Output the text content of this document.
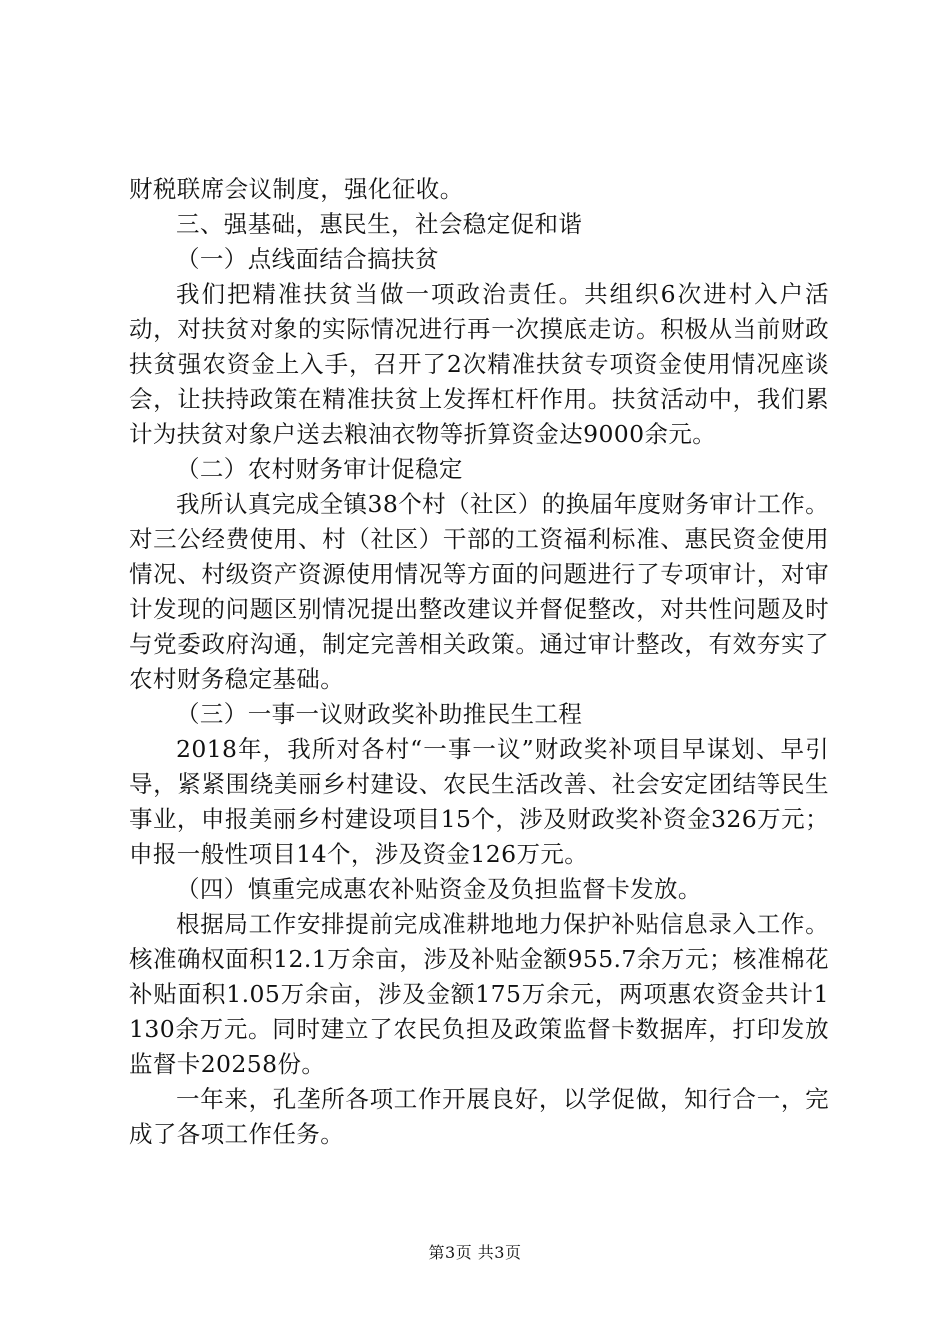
财税联席会议制度，强化征收。

三、强基础，惠民生，社会稳定促和谐

（一）点线面结合搞扶贫

我们把精准扶贫当做一项政治责任。共组织6次进村入户活动，对扶贫对象的实际情况进行再一次摸底走访。积极从当前财政扶贫强农资金上入手，召开了2次精准扶贫专项资金使用情况座谈会，让扶持政策在精准扶贫上发挥杠杆作用。扶贫活动中，我们累计为扶贫对象户送去粮油衣物等折算资金达9000余元。

（二）农村财务审计促稳定

我所认真完成全镇38个村（社区）的换届年度财务审计工作。对三公经费使用、村（社区）干部的工资福利标准、惠民资金使用情况、村级资产资源使用情况等方面的问题进行了专项审计，对审计发现的问题区别情况提出整改建议并督促整改，对共性问题及时与党委政府沟通，制定完善相关政策。通过审计整改，有效夯实了农村财务稳定基础。

（三）一事一议财政奖补助推民生工程

2018年，我所对各村“一事一议”财政奖补项目早谋划、早引导，紧紧围绕美丽乡村建设、农民生活改善、社会安定团结等民生事业，申报美丽乡村建设项目15个，涉及财政奖补资金326万元；申报一般性项目14个，涉及资金126万元。

（四）慎重完成惠农补贴资金及负担监督卡发放。

根据局工作安排提前完成准耕地地力保护补贴信息录入工作。核准确权面积12.1万余亩，涉及补贴金额955.7余万元；核准棉花补贴面积1.05万余亩，涉及金额175万余元，两项惠农资金共计1130余万元。同时建立了农民负担及政策监督卡数据库，打印发放监督卡20258份。

一年来，孔垄所各项工作开展良好，以学促做，知行合一，完成了各项工作任务。

第3页 共3页
